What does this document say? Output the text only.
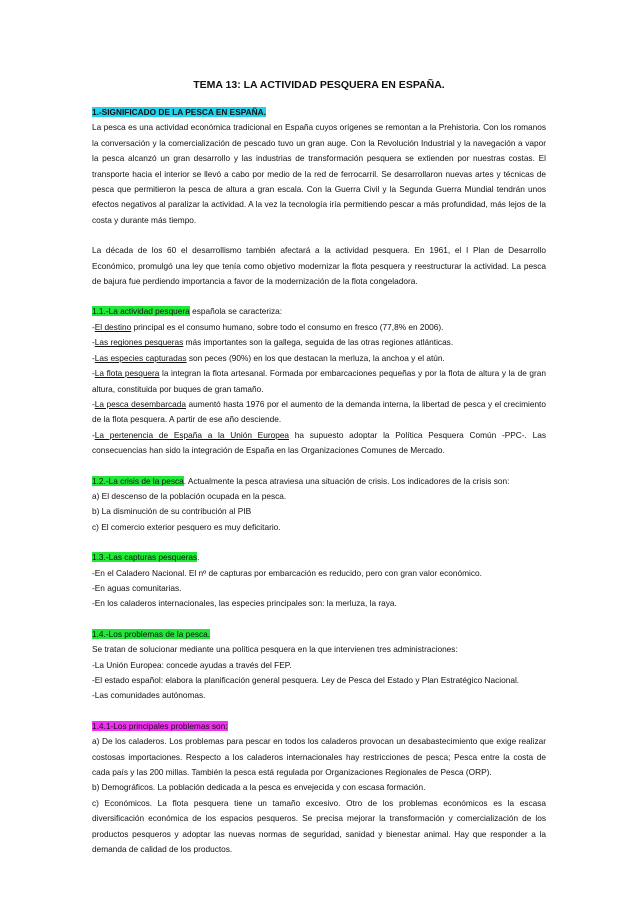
TEMA 13: LA ACTIVIDAD PESQUERA EN ESPAÑA.

1.-SIGNIFICADO DE LA PESCA EN ESPAÑA.

La pesca es una actividad económica tradicional en España cuyos orígenes se remontan a la Prehistoria. Con los romanos la conversación y la comercialización de pescado tuvo un gran auge. Con la Revolución Industrial y la navegación a vapor la pesca alcanzó un gran desarrollo y las industrias de transformación pesquera se extienden por nuestras costas. El transporte hacia el interior se llevó a cabo por medio de la red de ferrocarril. Se desarrollaron nuevas artes y técnicas de pesca que permitieron la pesca de altura a gran escala. Con la Guerra Civil y la Segunda Guerra Mundial tendrán unos efectos negativos al paralizar la actividad. A la vez la tecnología iría permitiendo pescar a más profundidad, más lejos de la costa y durante más tiempo.

La década de los 60 el desarrollismo también afectará a la actividad pesquera. En 1961, el I Plan de Desarrollo Económico, promulgó una ley que tenía como objetivo modernizar la flota pesquera y reestructurar la actividad. La pesca de bajura fue perdiendo importancia a favor de la modernización de la flota congeladora.

1.1.-La actividad pesquera española se caracteriza:

-El destino principal es el consumo humano, sobre todo el consumo en fresco (77,8% en 2006).

-Las regiones pesqueras más importantes son la gallega, seguida de las otras regiones atlánticas.

-Las especies capturadas son peces (90%) en los que destacan la merluza, la anchoa y el atún.

-La flota pesquera la integran la flota artesanal. Formada por embarcaciones pequeñas y por la flota de altura y la de gran altura, constituida por buques de gran tamaño.

-La pesca desembarcada aumentó hasta 1976 por el aumento de la demanda interna, la libertad de pesca y el crecimiento de la flota pesquera. A partir de ese año desciende.

-La pertenencia de España a la Unión Europea ha supuesto adoptar la Política Pesquera Común -PPC-. Las consecuencias han sido la integración de España en las Organizaciones Comunes de Mercado.

1.2.-La crisis de la pesca. Actualmente la pesca atraviesa una situación de crisis. Los indicadores de la crisis son:

a) El descenso de la población ocupada en la pesca.

b) La disminución de su contribución al PIB

c) El comercio exterior pesquero es muy deficitario.

1.3.-Las capturas pesqueras.

-En el Caladero Nacional. El nº de capturas por embarcación es reducido, pero con gran valor económico.

-En aguas comunitarias.

-En los caladeros internacionales, las especies principales son: la merluza, la raya.

1.4.-Los problemas de la pesca.

Se tratan de solucionar mediante una política pesquera en la que intervienen tres administraciones:

-La Unión Europea: concede ayudas a través del FEP.

-El estado español: elabora la planificación general pesquera. Ley de Pesca del Estado y Plan Estratégico Nacional.

-Las comunidades autónomas.

1.4.1-Los principales problemas son:

a) De los caladeros. Los problemas para pescar en todos los caladeros provocan un desabastecimiento que exige realizar costosas importaciones. Respecto a los caladeros internacionales hay restricciones de pesca; Pesca entre la costa de cada país y las 200 millas. También la pesca está regulada por Organizaciones Regionales de Pesca (ORP).

b) Demográficos. La población dedicada a la pesca es envejecida y con escasa formación.

c) Económicos. La flota pesquera tiene un tamaño excesivo. Otro de los problemas económicos es la escasa diversificación económica de los espacios pesqueros. Se precisa mejorar la transformación y comercialización de los productos pesqueros y adoptar las nuevas normas de seguridad, sanidad y bienestar animal. Hay que responder a la demanda de calidad de los productos.
